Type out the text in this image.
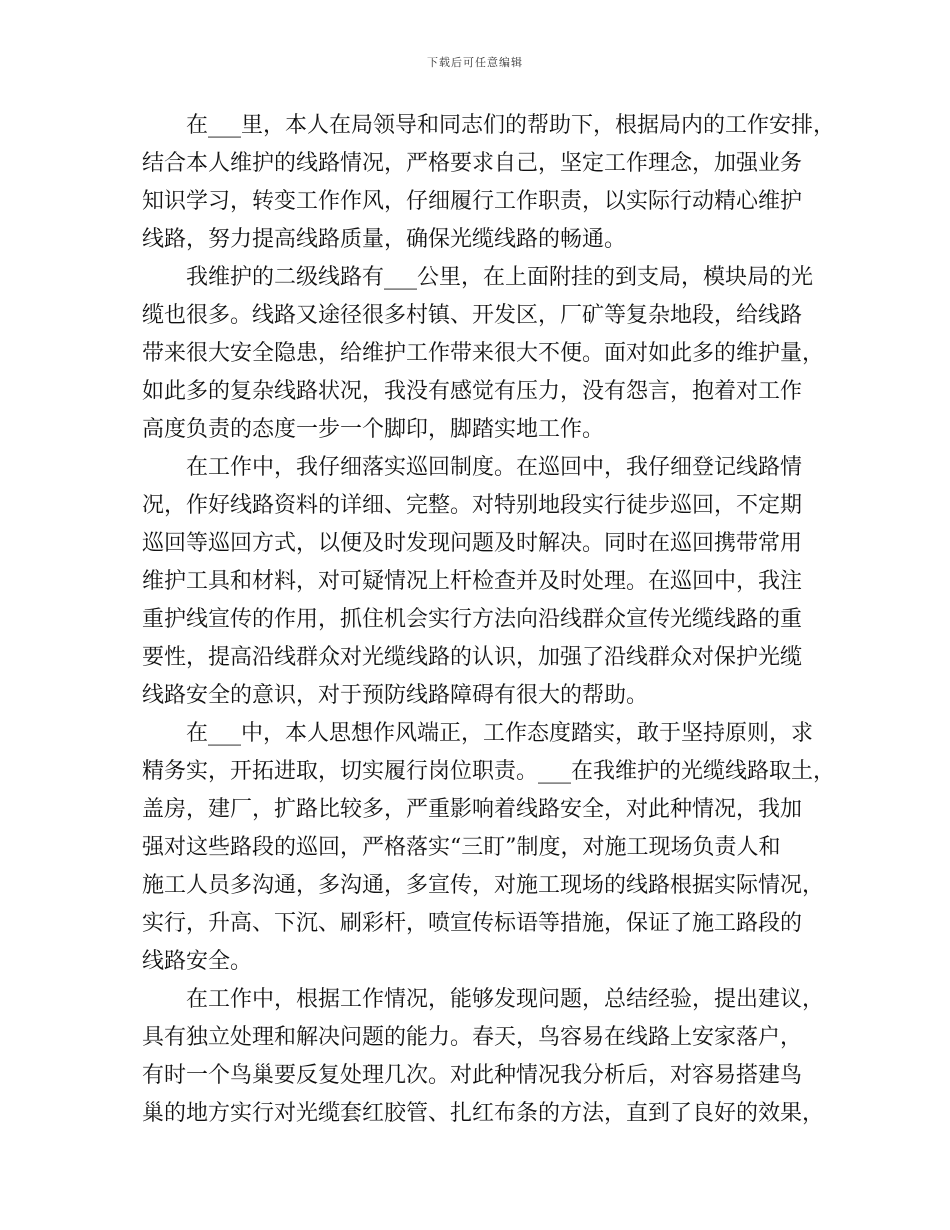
下载后可任意编辑
在___里，本人在局领导和同志们的帮助下，根据局内的工作安排，
结合本人维护的线路情况，严格要求自己，坚定工作理念，加强业务
知识学习，转变工作作风，仔细履行工作职责，以实际行动精心维护
线路，努力提高线路质量，确保光缆线路的畅通。
我维护的二级线路有___公里，在上面附挂的到支局，模块局的光
缆也很多。线路又途径很多村镇、开发区，厂矿等复杂地段，给线路
带来很大安全隐患，给维护工作带来很大不便。面对如此多的维护量，
如此多的复杂线路状况，我没有感觉有压力，没有怨言，抱着对工作
高度负责的态度一步一个脚印，脚踏实地工作。
在工作中，我仔细落实巡回制度。在巡回中，我仔细登记线路情
况，作好线路资料的详细、完整。对特别地段实行徒步巡回，不定期
巡回等巡回方式，以便及时发现问题及时解决。同时在巡回携带常用
维护工具和材料，对可疑情况上杆检查并及时处理。在巡回中，我注
重护线宣传的作用，抓住机会实行方法向沿线群众宣传光缆线路的重
要性，提高沿线群众对光缆线路的认识，加强了沿线群众对保护光缆
线路安全的意识，对于预防线路障碍有很大的帮助。
在___中，本人思想作风端正，工作态度踏实，敢于坚持原则，求
精务实，开拓进取，切实履行岗位职责。___在我维护的光缆线路取土，
盖房，建厂，扩路比较多，严重影响着线路安全，对此种情况，我加
强对这些路段的巡回，严格落实“三盯”制度，对施工现场负责人和
施工人员多沟通，多沟通，多宣传，对施工现场的线路根据实际情况，
实行，升高、下沉、刷彩杆，喷宣传标语等措施，保证了施工路段的
线路安全。
在工作中，根据工作情况，能够发现问题，总结经验，提出建议，
具有独立处理和解决问题的能力。春天，鸟容易在线路上安家落户，
有时一个鸟巢要反复处理几次。对此种情况我分析后，对容易搭建鸟
巢的地方实行对光缆套红胶管、扎红布条的方法，直到了良好的效果，
